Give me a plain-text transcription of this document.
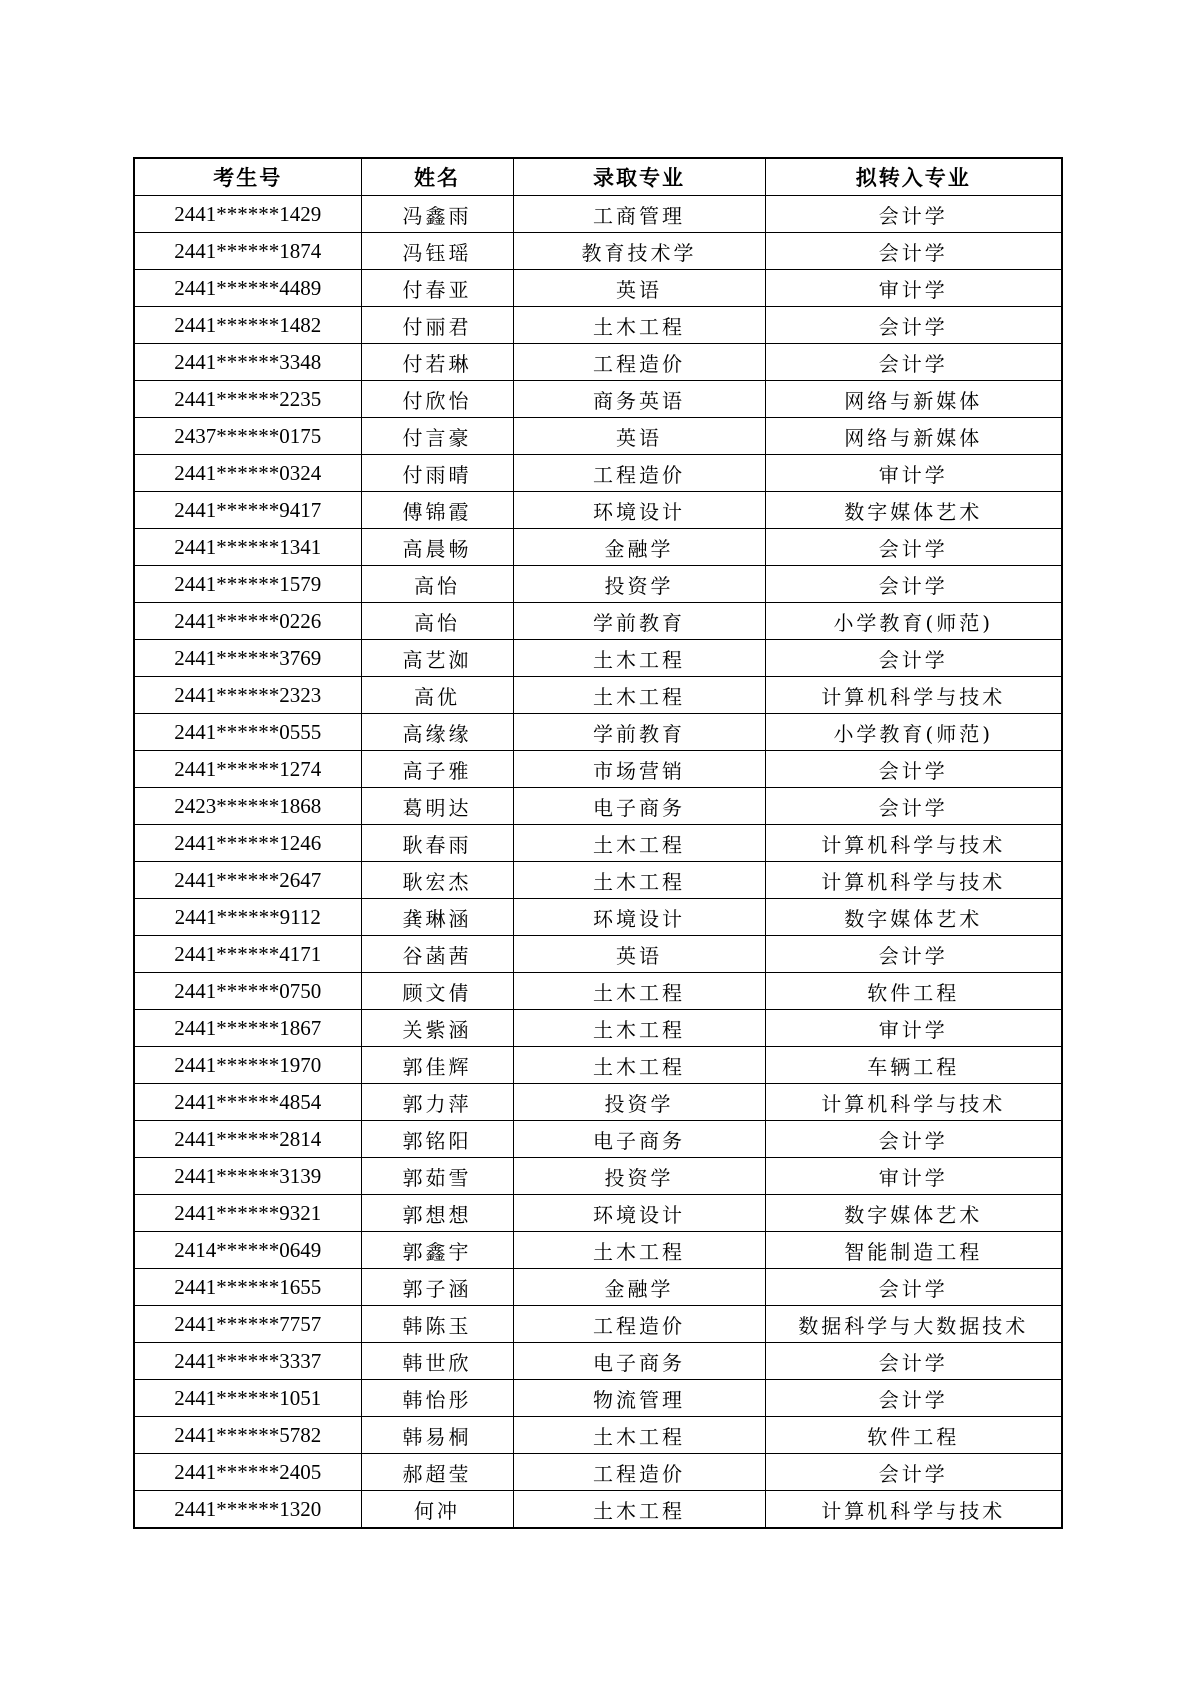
考生号	姓名	录取专业	拟转入专业
2441******1429	冯鑫雨	工商管理	会计学
2441******1874	冯钰瑶	教育技术学	会计学
2441******4489	付春亚	英语	审计学
2441******1482	付丽君	土木工程	会计学
2441******3348	付若琳	工程造价	会计学
2441******2235	付欣怡	商务英语	网络与新媒体
2437******0175	付言豪	英语	网络与新媒体
2441******0324	付雨晴	工程造价	审计学
2441******9417	傅锦霞	环境设计	数字媒体艺术
2441******1341	高晨畅	金融学	会计学
2441******1579	高怡	投资学	会计学
2441******0226	高怡	学前教育	小学教育(师范)
2441******3769	高艺洳	土木工程	会计学
2441******2323	高优	土木工程	计算机科学与技术
2441******0555	高缘缘	学前教育	小学教育(师范)
2441******1274	高子雅	市场营销	会计学
2423******1868	葛明达	电子商务	会计学
2441******1246	耿春雨	土木工程	计算机科学与技术
2441******2647	耿宏杰	土木工程	计算机科学与技术
2441******9112	龚琳涵	环境设计	数字媒体艺术
2441******4171	谷菡茜	英语	会计学
2441******0750	顾文倩	土木工程	软件工程
2441******1867	关紫涵	土木工程	审计学
2441******1970	郭佳辉	土木工程	车辆工程
2441******4854	郭力萍	投资学	计算机科学与技术
2441******2814	郭铭阳	电子商务	会计学
2441******3139	郭茹雪	投资学	审计学
2441******9321	郭想想	环境设计	数字媒体艺术
2414******0649	郭鑫宇	土木工程	智能制造工程
2441******1655	郭子涵	金融学	会计学
2441******7757	韩陈玉	工程造价	数据科学与大数据技术
2441******3337	韩世欣	电子商务	会计学
2441******1051	韩怡彤	物流管理	会计学
2441******5782	韩易桐	土木工程	软件工程
2441******2405	郝超莹	工程造价	会计学
2441******1320	何冲	土木工程	计算机科学与技术
